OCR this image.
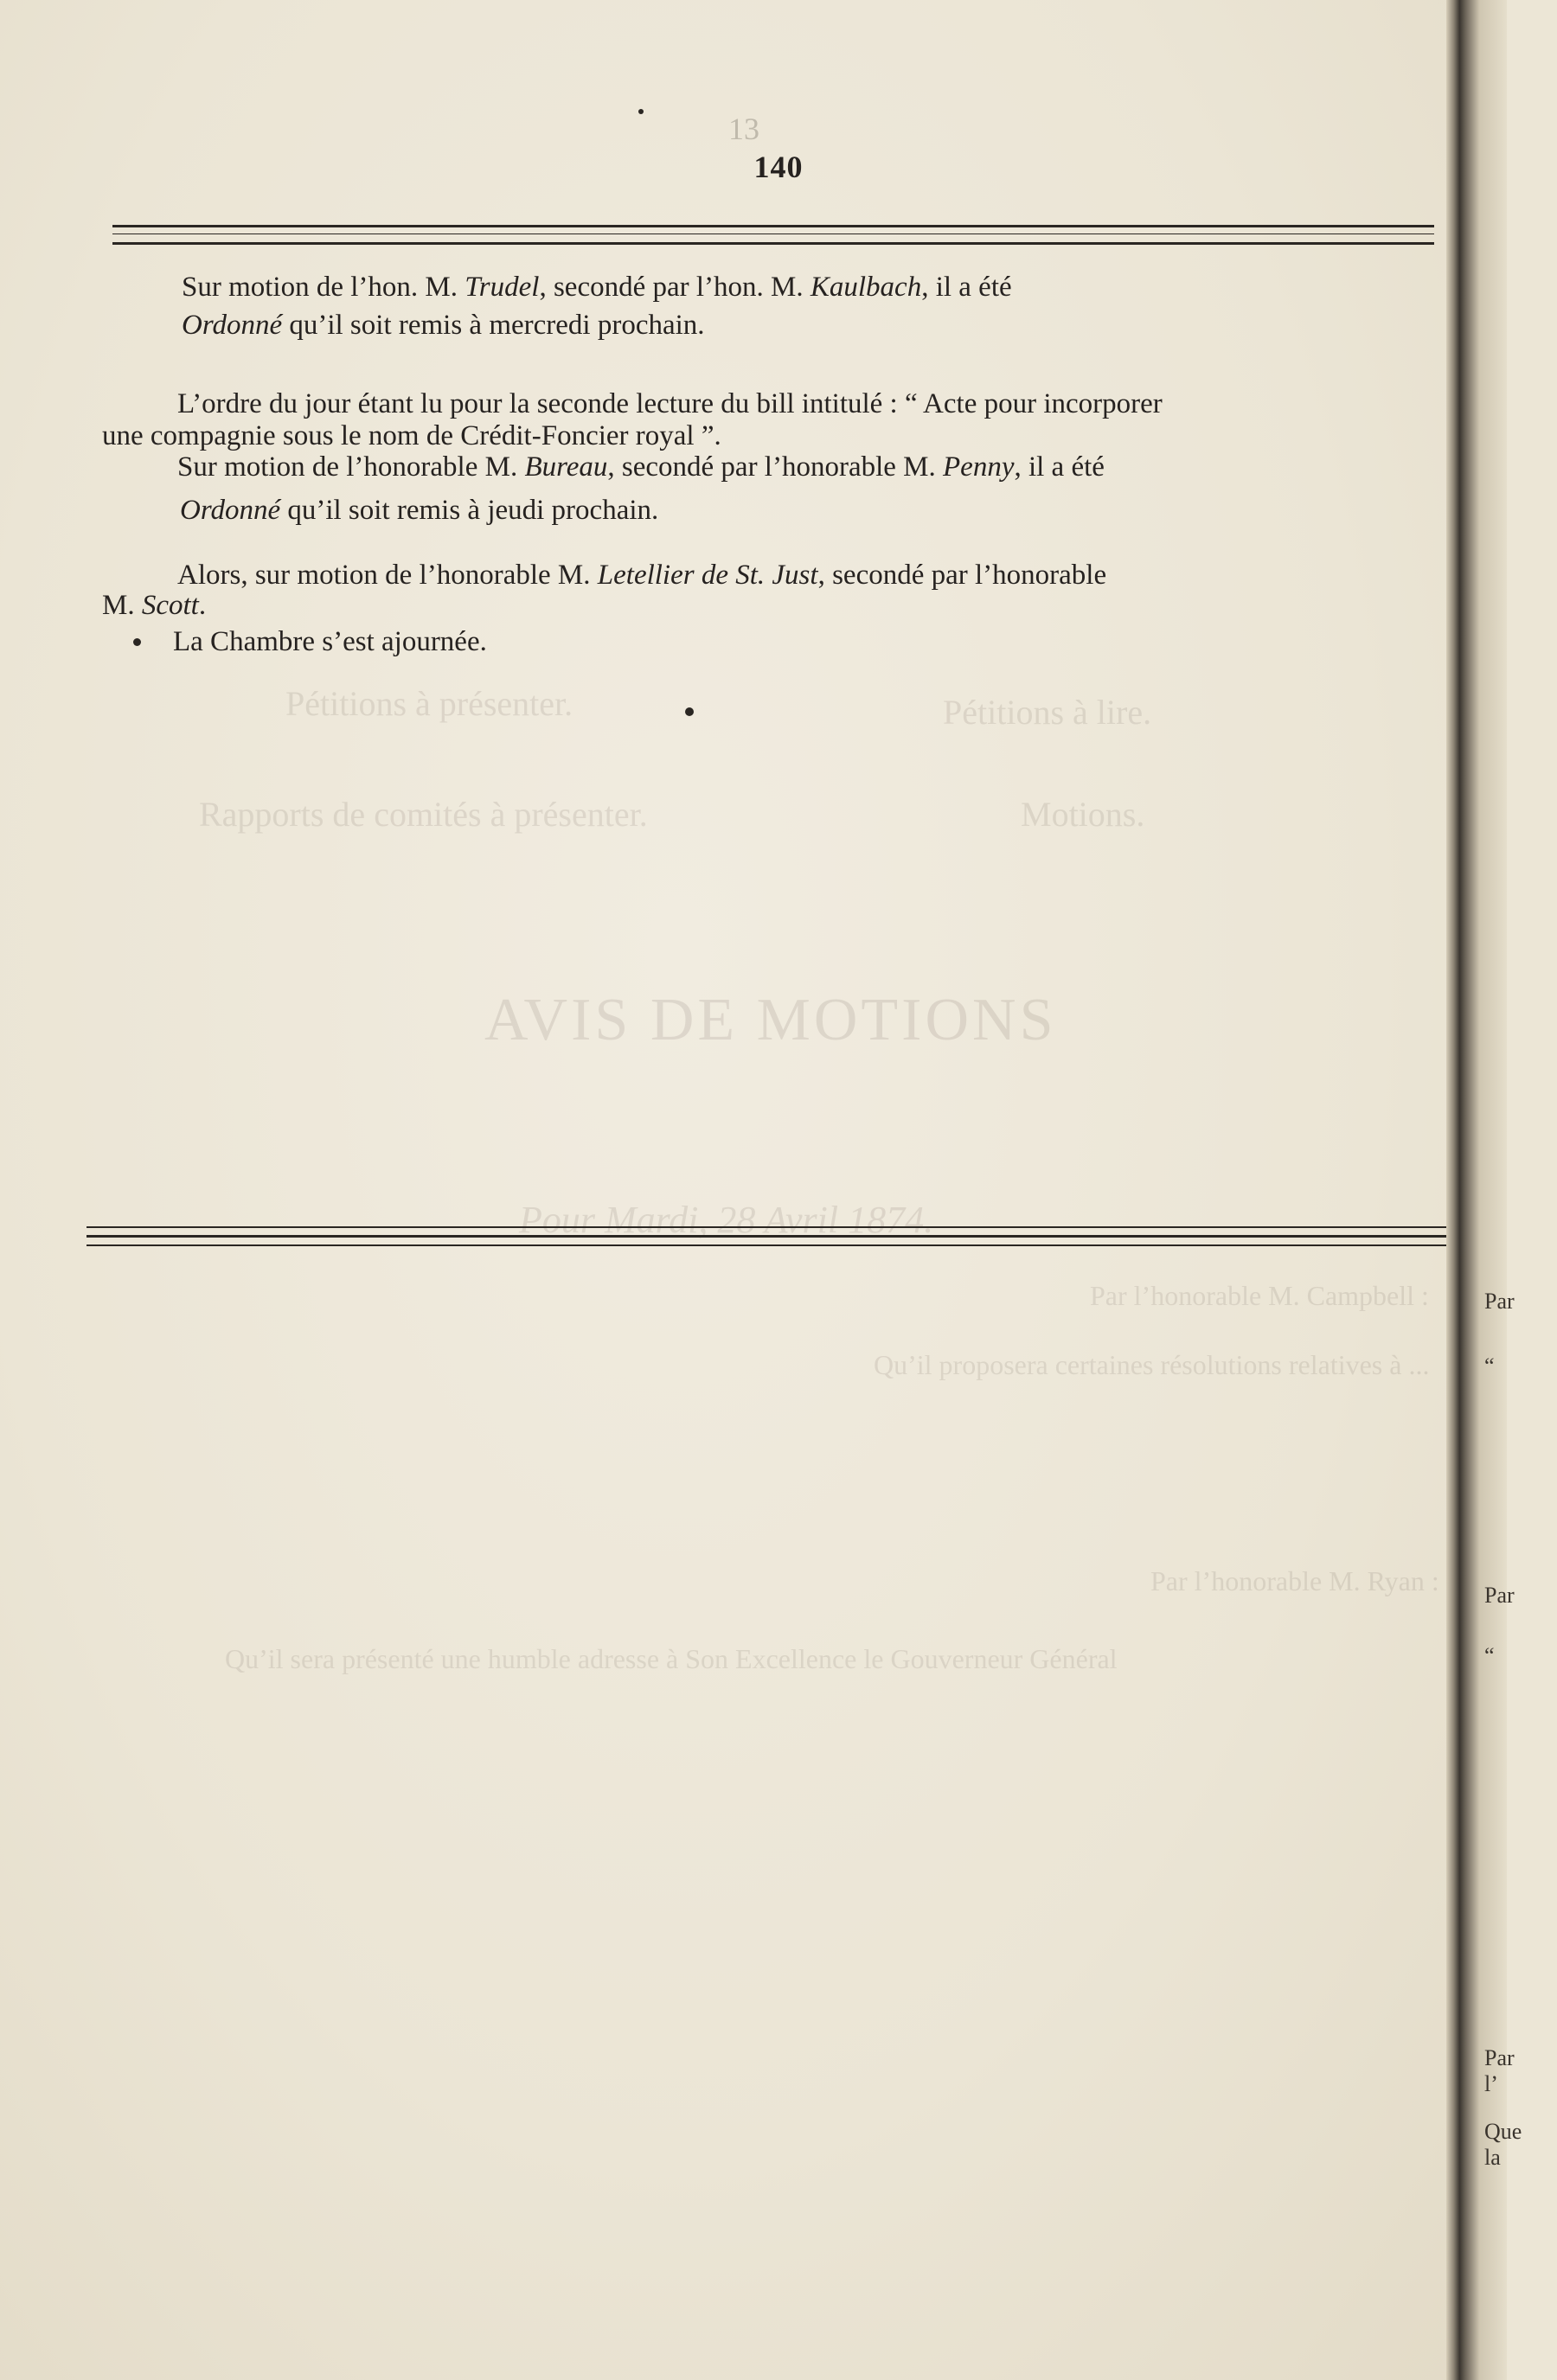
Pétitions à présenter.	Pétitions à lire.
Rapports de comités à présenter.	Motions.
AVIS DE MOTIONS
Pour Mardi, 28 Avril 1874.
Par l’honorable M. Campbell :
Qu’il proposera certaines résolutions relatives à ...
Par l’honorable M. Ryan :
Qu’il sera présenté une humble adresse à Son Excellence le Gouverneur Général
13
140
Sur motion de l’hon. M. Trudel, secondé par l’hon. M. Kaulbach, il a été
Ordonné qu’il soit remis à mercredi prochain.
L’ordre du jour étant lu pour la seconde lecture du bill intitulé : “ Acte pour incorporer
une compagnie sous le nom de Crédit-Foncier royal ”.
Sur motion de l’honorable M. Bureau, secondé par l’honorable M. Penny, il a été
Ordonné qu’il soit remis à jeudi prochain.
Alors, sur motion de l’honorable M. Letellier de St. Just, secondé par l’honorable
M. Scott.
La Chambre s’est ajournée.
Par
“
Par
“
Par l’
Que la
